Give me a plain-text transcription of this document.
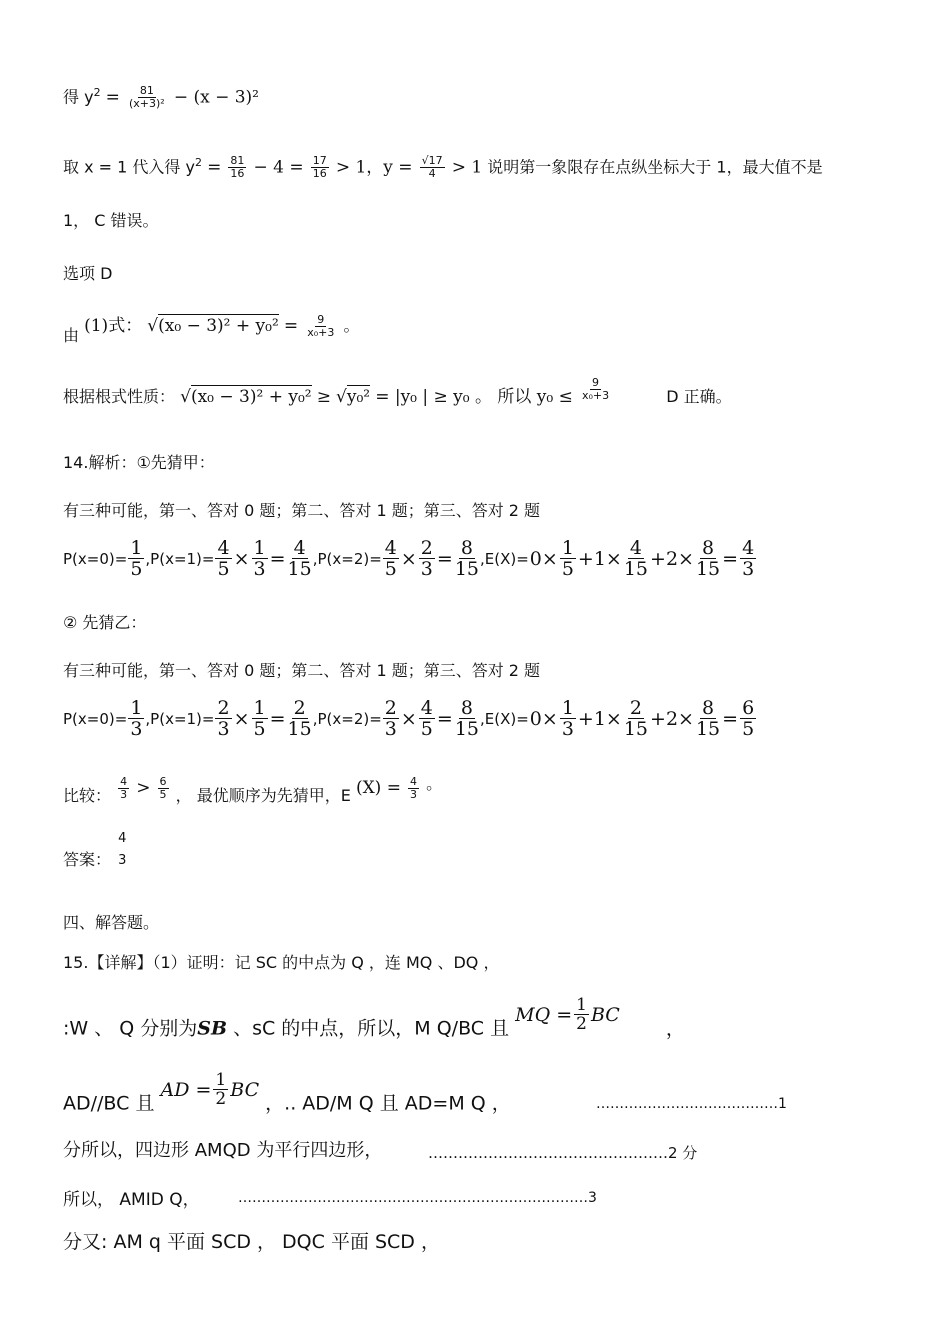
得 $y^2 = \frac{81}{\text{(x+3)²}} - (x - 3)^2$
取 x = 1 代入得 $y^2 = \frac{81}{16} - 4 = \frac{17}{16} > 1$，$y = \frac{√17}{4} > 1$ 说明第一象限存在点纵坐标大于 1，最大值不是
1， C 错误。
选项 D
由 (1)式： $√(x_0 - 3)^2 + y_0^2 = \frac{9}{\text{x₀+3}}$ 。
根据根式性质： √(x₀ − 3)² + y₀² ≥ √y₀² = |y₀ | ≥ y₀ 。 所以 $y_0 \le \frac{9}{\text{x₀+3}}$	D 正确。
14.解析：①先猜甲：
有三种可能，第一、答对 0 题；第二、答对 1 题；第三、答对 2 题
$P(x=0)= \frac{1}{5} ,P(x=1)= \frac{4}{5} \times \frac{1}{3} = \frac{4}{15} ,P(x=2)= \frac{4}{5} \times \frac{2}{3} = \frac{8}{15} ,E(X)= 0\times \frac{1}{5} +1\times \frac{4}{15} +2\times \frac{8}{15} = \frac{4}{3}$
② 先猜乙：
有三种可能，第一、答对 0 题；第二、答对 1 题；第三、答对 2 题
$P(x=0)= \frac{1}{3} ,P(x=1)= \frac{2}{3} \times \frac{1}{5} = \frac{2}{15} ,P(x=2)= \frac{2}{3} \times \frac{4}{5} = \frac{8}{15} ,E(X)= 0\times \frac{1}{3} +1\times \frac{2}{15} +2\times \frac{8}{15} = \frac{6}{5}$
比较： $\frac{4}{3} > \frac{6}{5}$ ， 最优顺序为先猜甲，E $(X) = \frac{4}{3}$ 。
答案：
4
3
四、解答题。
15.【详解】（1）证明：记 SC 的中点为 Q ，连 MQ 、DQ ，
:W 、 Q 分别为SB 、sC 的中点，所以，M Q/BC 且
MQ = $\frac{1}{2}$ BC
，
AD//BC 且
AD = $\frac{1}{2}$ BC
，.. AD/M Q 且 AD=M Q ，	…………………………………1
分所以，四边形 AMQD 为平行四边形，	…………………………………………2 分
所以， AMID Q，	…………………………………………………………………3
分又: AM q 平面 SCD ， DQC 平面 SCD ，
